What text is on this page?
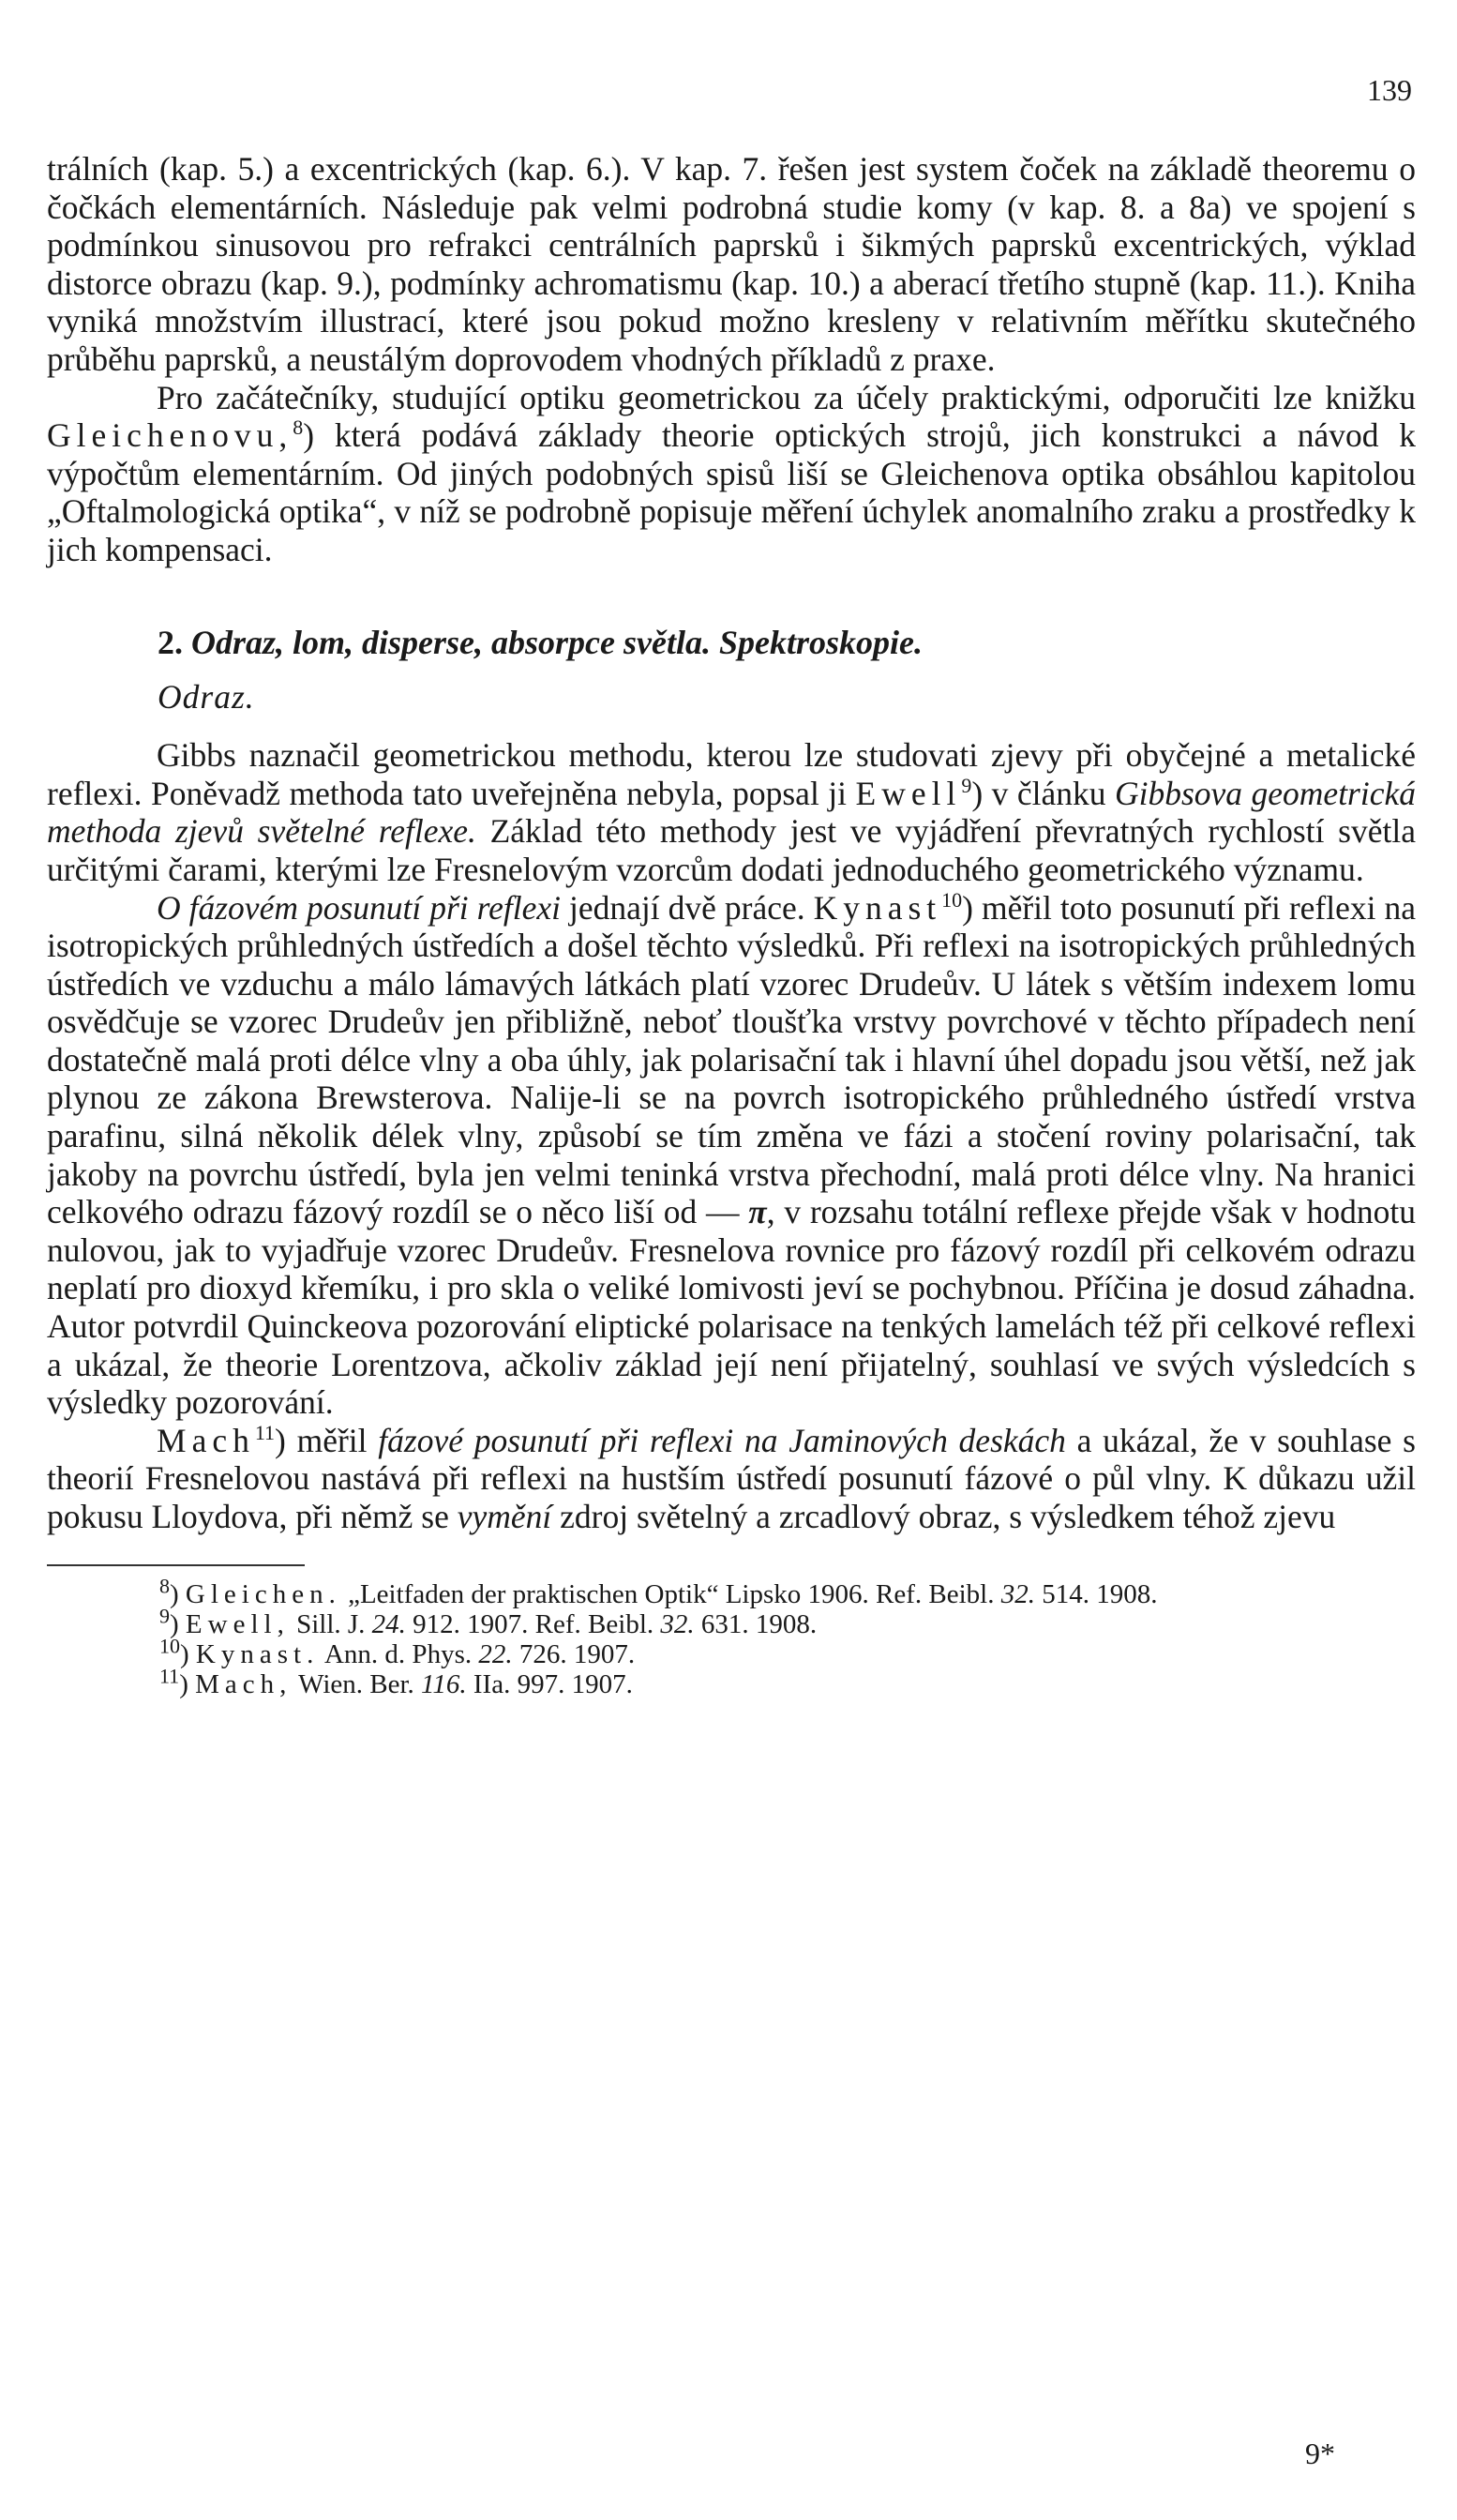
139

trálních (kap. 5.) a excentrických (kap. 6.). V kap. 7. řešen jest system čoček na základě theoremu o čočkách elementárních. Následuje pak velmi podrobná studie komy (v kap. 8. a 8a) ve spojení s podmínkou sinusovou pro refrakci centrálních paprsků i šikmých paprsků excentrických, výklad distorce obrazu (kap. 9.), podmínky achromatismu (kap. 10.) a aberací třetího stupně (kap. 11.). Kniha vyniká množstvím illustrací, které jsou pokud možno kresleny v relativním měřítku skutečného průběhu paprsků, a neustálým doprovodem vhodných příkladů z praxe.

Pro začátečníky, studující optiku geometrickou za účely praktickými, odporučiti lze knižku Gleichenovu,$^8$) která podává základy theorie optických strojů, jich konstrukci a návod k výpočtům elementárním. Od jiných podobných spisů liší se Gleichenova optika obsáhlou kapitolou „Oftalmologická optika“, v níž se podrobně popisuje měření úchylek anomalního zraku a prostředky k jich kompensaci.

2. Odraz, lom, disperse, absorpce světla. Spektroskopie.
Odraz.

Gibbs naznačil geometrickou methodu, kterou lze studovati zjevy při obyčejné a metalické reflexi. Poněvadž methoda tato uveřejněna nebyla, popsal ji Ewell$^9$) v článku Gibbsova geometrická methoda zjevů světelné reflexe. Základ této methody jest ve vyjádření převratných rychlostí světla určitými čarami, kterými lze Fresnelovým vzorcům dodati jednoduchého geometrického významu.

O fázovém posunutí při reflexi jednají dvě práce. Kynast$^{10}$) měřil toto posunutí při reflexi na isotropických průhledných ústředích a došel těchto výsledků. Při reflexi na isotropických průhledných ústředích ve vzduchu a málo lámavých látkách platí vzorec Drudeův. U látek s větším indexem lomu osvědčuje se vzorec Drudeův jen přibližně, neboť tloušťka vrstvy povrchové v těchto případech není dostatečně malá proti délce vlny a oba úhly, jak polarisační tak i hlavní úhel dopadu jsou větší, než jak plynou ze zákona Brewsterova. Nalije-li se na povrch isotropického průhledného ústředí vrstva parafinu, silná několik délek vlny, způsobí se tím změna ve fázi a stočení roviny polarisační, tak jakoby na povrchu ústředí, byla jen velmi teninká vrstva přechodní, malá proti délce vlny. Na hranici celkového odrazu fázový rozdíl se o něco liší od — π, v rozsahu totální reflexe přejde však v hodnotu nulovou, jak to vyjadřuje vzorec Drudeův. Fresnelova rovnice pro fázový rozdíl při celkovém odrazu neplatí pro dioxyd křemíku, i pro skla o veliké lomivosti jeví se pochybnou. Příčina je dosud záhadna. Autor potvrdil Quinckeova pozorování eliptické polarisace na tenkých lamelách též při celkové reflexi a ukázal, že theorie Lorentzova, ačkoliv základ její není přijatelný, souhlasí ve svých výsledcích s výsledky pozorování.

Mach$^{11}$) měřil fázové posunutí při reflexi na Jaminových deskách a ukázal, že v souhlase s theorií Fresnelovou nastává při reflexi na hustším ústředí posunutí fázové o půl vlny. K důkazu užil pokusu Lloydova, při němž se vymění zdroj světelný a zrcadlový obraz, s výsledkem téhož zjevu

$^8$) Gleichen. „Leitfaden der praktischen Optik“ Lipsko 1906. Ref. Beibl. 32. 514. 1908.

$^9$) Ewell, Sill. J. 24. 912. 1907. Ref. Beibl. 32. 631. 1908.

$^{10}$) Kynast. Ann. d. Phys. 22. 726. 1907.

$^{11}$) Mach, Wien. Ber. 116. IIa. 997. 1907.

9*
